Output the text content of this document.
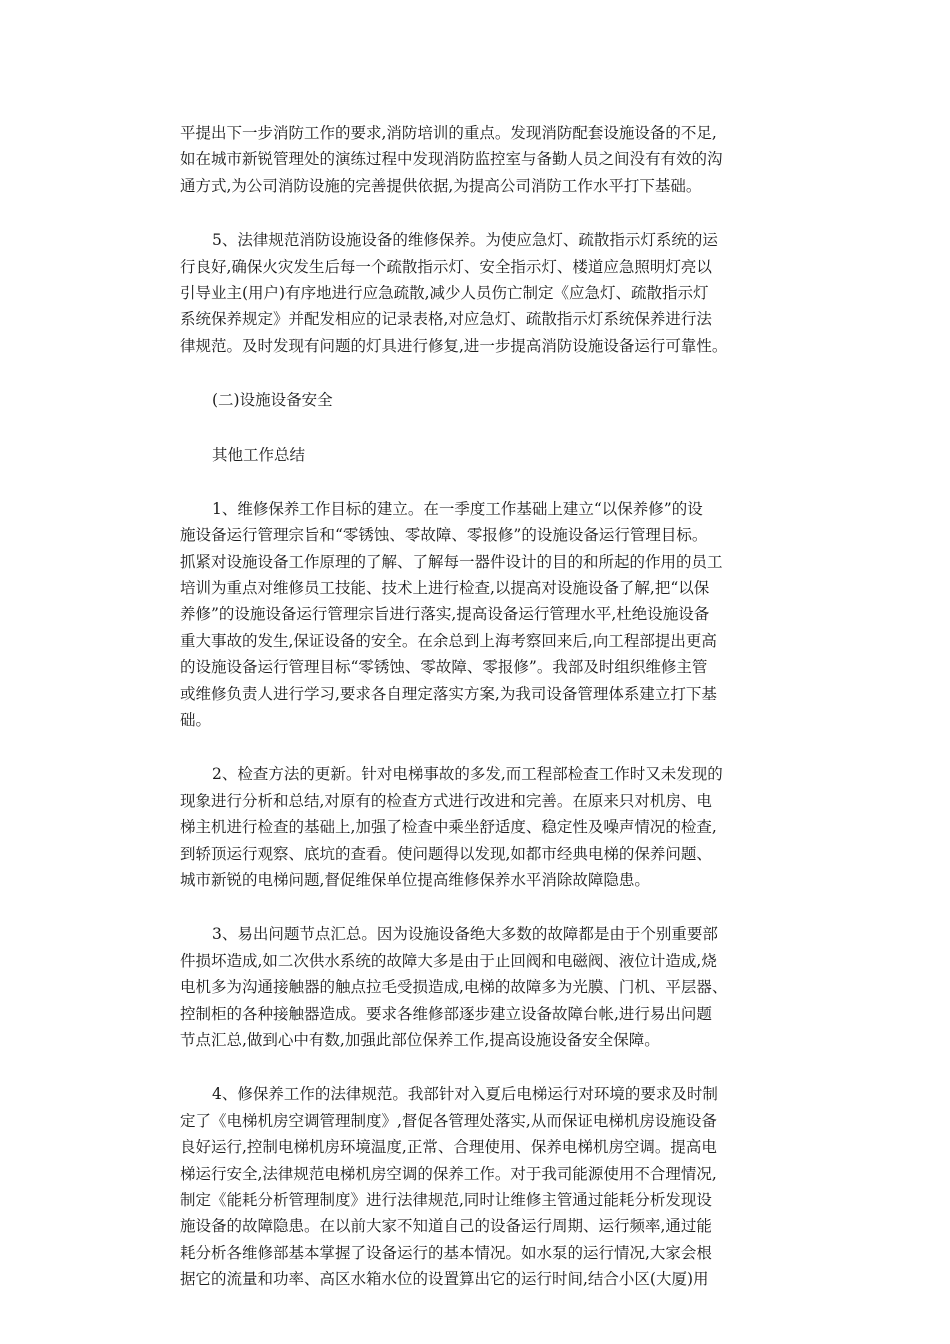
平提出下一步消防工作的要求,消防培训的重点。发现消防配套设施设备的不足,
如在城市新锐管理处的演练过程中发现消防监控室与备勤人员之间没有有效的沟
通方式,为公司消防设施的完善提供依据,为提高公司消防工作水平打下基础。
5、法律规范消防设施设备的维修保养。为使应急灯、疏散指示灯系统的运
行良好,确保火灾发生后每一个疏散指示灯、安全指示灯、楼道应急照明灯亮以
引导业主(用户)有序地进行应急疏散,减少人员伤亡制定《应急灯、疏散指示灯
系统保养规定》并配发相应的记录表格,对应急灯、疏散指示灯系统保养进行法
律规范。及时发现有问题的灯具进行修复,进一步提高消防设施设备运行可靠性。
(二)设施设备安全
其他工作总结
1、维修保养工作目标的建立。在一季度工作基础上建立“以保养修”的设
施设备运行管理宗旨和“零锈蚀、零故障、零报修”的设施设备运行管理目标。
抓紧对设施设备工作原理的了解、了解每一器件设计的目的和所起的作用的员工
培训为重点对维修员工技能、技术上进行检查,以提高对设施设备了解,把“以保
养修”的设施设备运行管理宗旨进行落实,提高设备运行管理水平,杜绝设施设备
重大事故的发生,保证设备的安全。在余总到上海考察回来后,向工程部提出更高
的设施设备运行管理目标“零锈蚀、零故障、零报修”。我部及时组织维修主管
或维修负责人进行学习,要求各自理定落实方案,为我司设备管理体系建立打下基
础。
2、检查方法的更新。针对电梯事故的多发,而工程部检查工作时又未发现的
现象进行分析和总结,对原有的检查方式进行改进和完善。在原来只对机房、电
梯主机进行检查的基础上,加强了检查中乘坐舒适度、稳定性及噪声情况的检查,
到轿顶运行观察、底坑的查看。使问题得以发现,如都市经典电梯的保养问题、
城市新锐的电梯问题,督促维保单位提高维修保养水平消除故障隐患。
3、易出问题节点汇总。因为设施设备绝大多数的故障都是由于个别重要部
件损坏造成,如二次供水系统的故障大多是由于止回阀和电磁阀、液位计造成,烧
电机多为沟通接触器的触点拉毛受损造成,电梯的故障多为光膜、门机、平层器、
控制柜的各种接触器造成。要求各维修部逐步建立设备故障台帐,进行易出问题
节点汇总,做到心中有数,加强此部位保养工作,提高设施设备安全保障。
4、修保养工作的法律规范。我部针对入夏后电梯运行对环境的要求及时制
定了《电梯机房空调管理制度》,督促各管理处落实,从而保证电梯机房设施设备
良好运行,控制电梯机房环境温度,正常、合理使用、保养电梯机房空调。提高电
梯运行安全,法律规范电梯机房空调的保养工作。对于我司能源使用不合理情况,
制定《能耗分析管理制度》进行法律规范,同时让维修主管通过能耗分析发现设
施设备的故障隐患。在以前大家不知道自己的设备运行周期、运行频率,通过能
耗分析各维修部基本掌握了设备运行的基本情况。如水泵的运行情况,大家会根
据它的流量和功率、高区水箱水位的设置算出它的运行时间,结合小区(大厦)用
